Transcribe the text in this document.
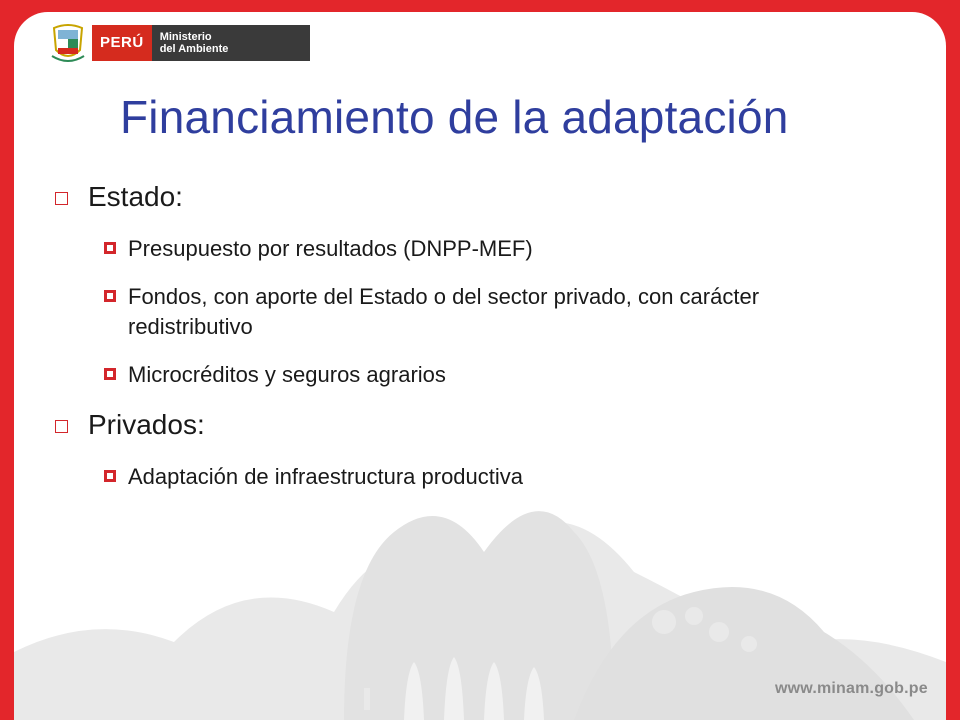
PERÚ	Ministerio
del Ambiente
Financiamiento de la adaptación
Estado:
Presupuesto por resultados (DNPP-MEF)
Fondos, con aporte del Estado o del sector privado, con carácter redistributivo
Microcréditos y seguros agrarios
Privados:
Adaptación de infraestructura productiva
www.minam.gob.pe
